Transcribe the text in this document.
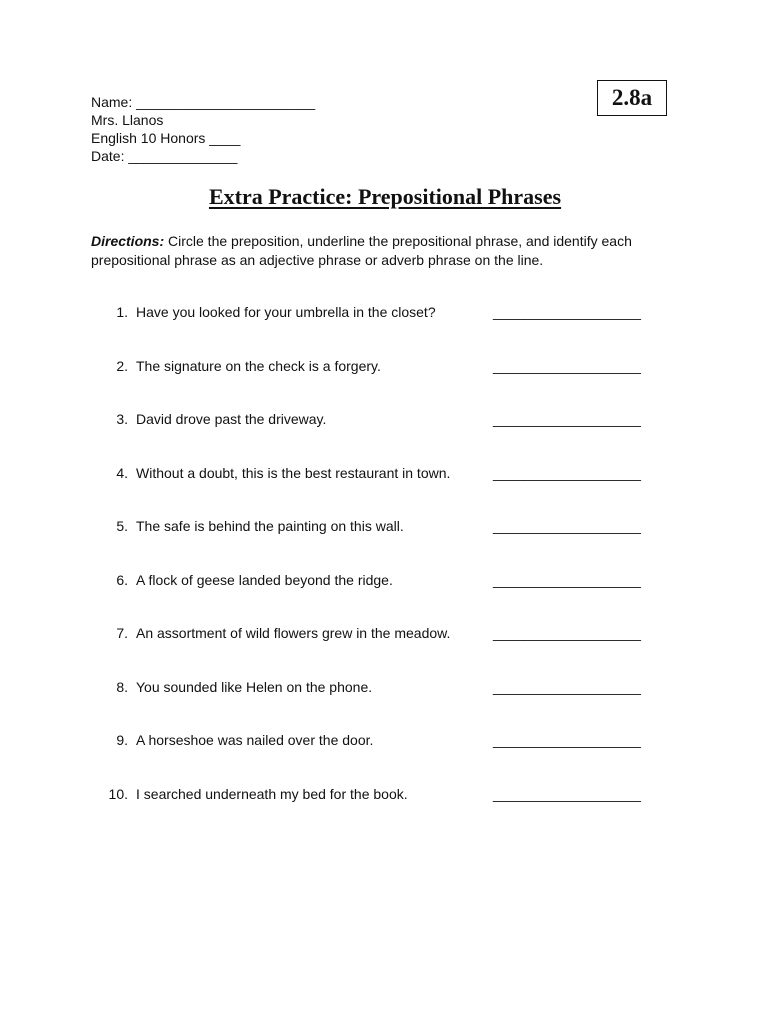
Name: _______________________
Mrs. Llanos
English 10 Honors ____
Date: ______________
2.8a
Extra Practice: Prepositional Phrases
Directions: Circle the preposition, underline the prepositional phrase, and identify each prepositional phrase as an adjective phrase or adverb phrase on the line.
1. Have you looked for your umbrella in the closet?	___________________
2. The signature on the check is a forgery.	___________________
3. David drove past the driveway.	___________________
4. Without a doubt, this is the best restaurant in town.	___________________
5. The safe is behind the painting on this wall.	___________________
6. A flock of geese landed beyond the ridge.	___________________
7. An assortment of wild flowers grew in the meadow.	___________________
8. You sounded like Helen on the phone.	___________________
9. A horseshoe was nailed over the door.	___________________
10. I searched underneath my bed for the book.	___________________
